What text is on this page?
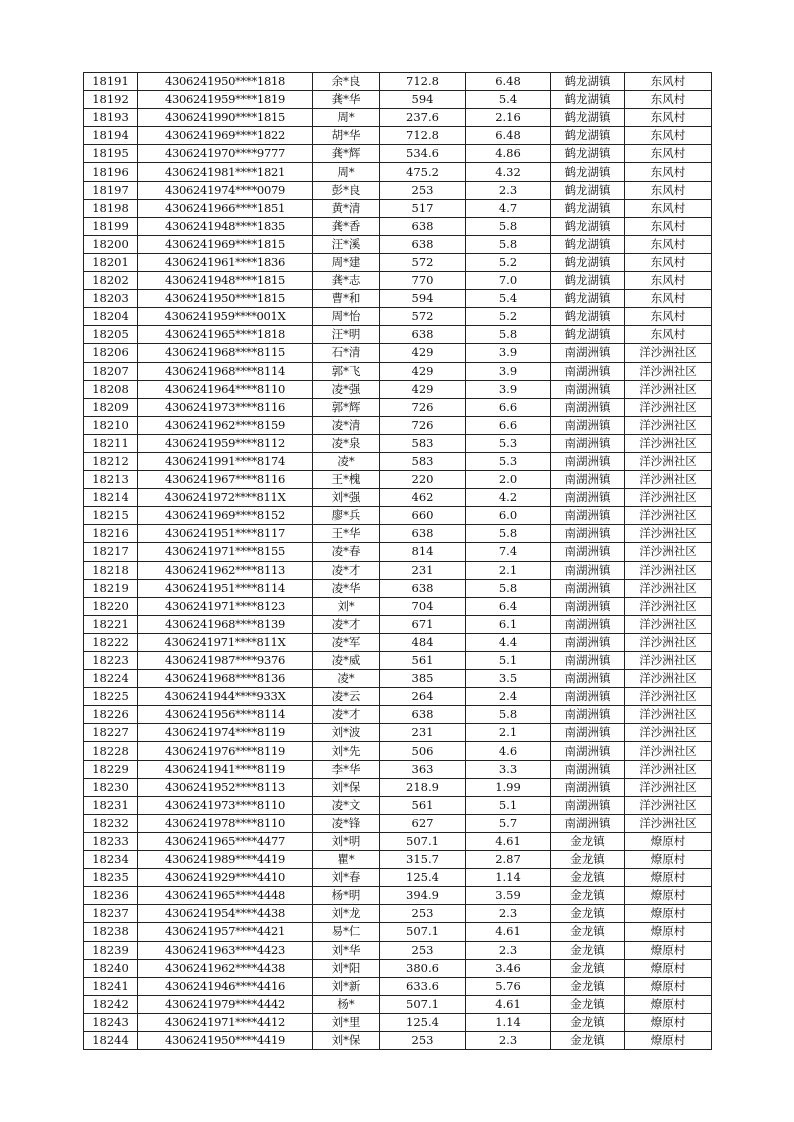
18191	4306241950****1818	余*良	712.8	6.48	鹤龙湖镇	东风村
18192	4306241959****1819	龚*华	594	5.4	鹤龙湖镇	东风村
18193	4306241990****1815	周*	237.6	2.16	鹤龙湖镇	东风村
18194	4306241969****1822	胡*华	712.8	6.48	鹤龙湖镇	东风村
18195	4306241970****9777	龚*辉	534.6	4.86	鹤龙湖镇	东风村
18196	4306241981****1821	周*	475.2	4.32	鹤龙湖镇	东风村
18197	4306241974****0079	彭*良	253	2.3	鹤龙湖镇	东风村
18198	4306241966****1851	黄*清	517	4.7	鹤龙湖镇	东风村
18199	4306241948****1835	龚*香	638	5.8	鹤龙湖镇	东风村
18200	4306241969****1815	汪*溪	638	5.8	鹤龙湖镇	东风村
18201	4306241961****1836	周*建	572	5.2	鹤龙湖镇	东风村
18202	4306241948****1815	龚*志	770	7.0	鹤龙湖镇	东风村
18203	4306241950****1815	曹*和	594	5.4	鹤龙湖镇	东风村
18204	4306241959****001X	周*怡	572	5.2	鹤龙湖镇	东风村
18205	4306241965****1818	汪*明	638	5.8	鹤龙湖镇	东风村
18206	4306241968****8115	石*清	429	3.9	南湖洲镇	洋沙洲社区
18207	4306241968****8114	郭*飞	429	3.9	南湖洲镇	洋沙洲社区
18208	4306241964****8110	凌*强	429	3.9	南湖洲镇	洋沙洲社区
18209	4306241973****8116	郭*辉	726	6.6	南湖洲镇	洋沙洲社区
18210	4306241962****8159	凌*清	726	6.6	南湖洲镇	洋沙洲社区
18211	4306241959****8112	凌*泉	583	5.3	南湖洲镇	洋沙洲社区
18212	4306241991****8174	凌*	583	5.3	南湖洲镇	洋沙洲社区
18213	4306241967****8116	王*槐	220	2.0	南湖洲镇	洋沙洲社区
18214	4306241972****811X	刘*强	462	4.2	南湖洲镇	洋沙洲社区
18215	4306241969****8152	廖*兵	660	6.0	南湖洲镇	洋沙洲社区
18216	4306241951****8117	王*华	638	5.8	南湖洲镇	洋沙洲社区
18217	4306241971****8155	凌*春	814	7.4	南湖洲镇	洋沙洲社区
18218	4306241962****8113	凌*才	231	2.1	南湖洲镇	洋沙洲社区
18219	4306241951****8114	凌*华	638	5.8	南湖洲镇	洋沙洲社区
18220	4306241971****8123	刘*	704	6.4	南湖洲镇	洋沙洲社区
18221	4306241968****8139	凌*才	671	6.1	南湖洲镇	洋沙洲社区
18222	4306241971****811X	凌*军	484	4.4	南湖洲镇	洋沙洲社区
18223	4306241987****9376	凌*威	561	5.1	南湖洲镇	洋沙洲社区
18224	4306241968****8136	凌*	385	3.5	南湖洲镇	洋沙洲社区
18225	4306241944****933X	凌*云	264	2.4	南湖洲镇	洋沙洲社区
18226	4306241956****8114	凌*才	638	5.8	南湖洲镇	洋沙洲社区
18227	4306241974****8119	刘*波	231	2.1	南湖洲镇	洋沙洲社区
18228	4306241976****8119	刘*先	506	4.6	南湖洲镇	洋沙洲社区
18229	4306241941****8119	李*华	363	3.3	南湖洲镇	洋沙洲社区
18230	4306241952****8113	刘*保	218.9	1.99	南湖洲镇	洋沙洲社区
18231	4306241973****8110	凌*文	561	5.1	南湖洲镇	洋沙洲社区
18232	4306241978****8110	凌*锋	627	5.7	南湖洲镇	洋沙洲社区
18233	4306241965****4477	刘*明	507.1	4.61	金龙镇	燎原村
18234	4306241989****4419	瞿*	315.7	2.87	金龙镇	燎原村
18235	4306241929****4410	刘*春	125.4	1.14	金龙镇	燎原村
18236	4306241965****4448	杨*明	394.9	3.59	金龙镇	燎原村
18237	4306241954****4438	刘*龙	253	2.3	金龙镇	燎原村
18238	4306241957****4421	易*仁	507.1	4.61	金龙镇	燎原村
18239	4306241963****4423	刘*华	253	2.3	金龙镇	燎原村
18240	4306241962****4438	刘*阳	380.6	3.46	金龙镇	燎原村
18241	4306241946****4416	刘*新	633.6	5.76	金龙镇	燎原村
18242	4306241979****4442	杨*	507.1	4.61	金龙镇	燎原村
18243	4306241971****4412	刘*里	125.4	1.14	金龙镇	燎原村
18244	4306241950****4419	刘*保	253	2.3	金龙镇	燎原村
